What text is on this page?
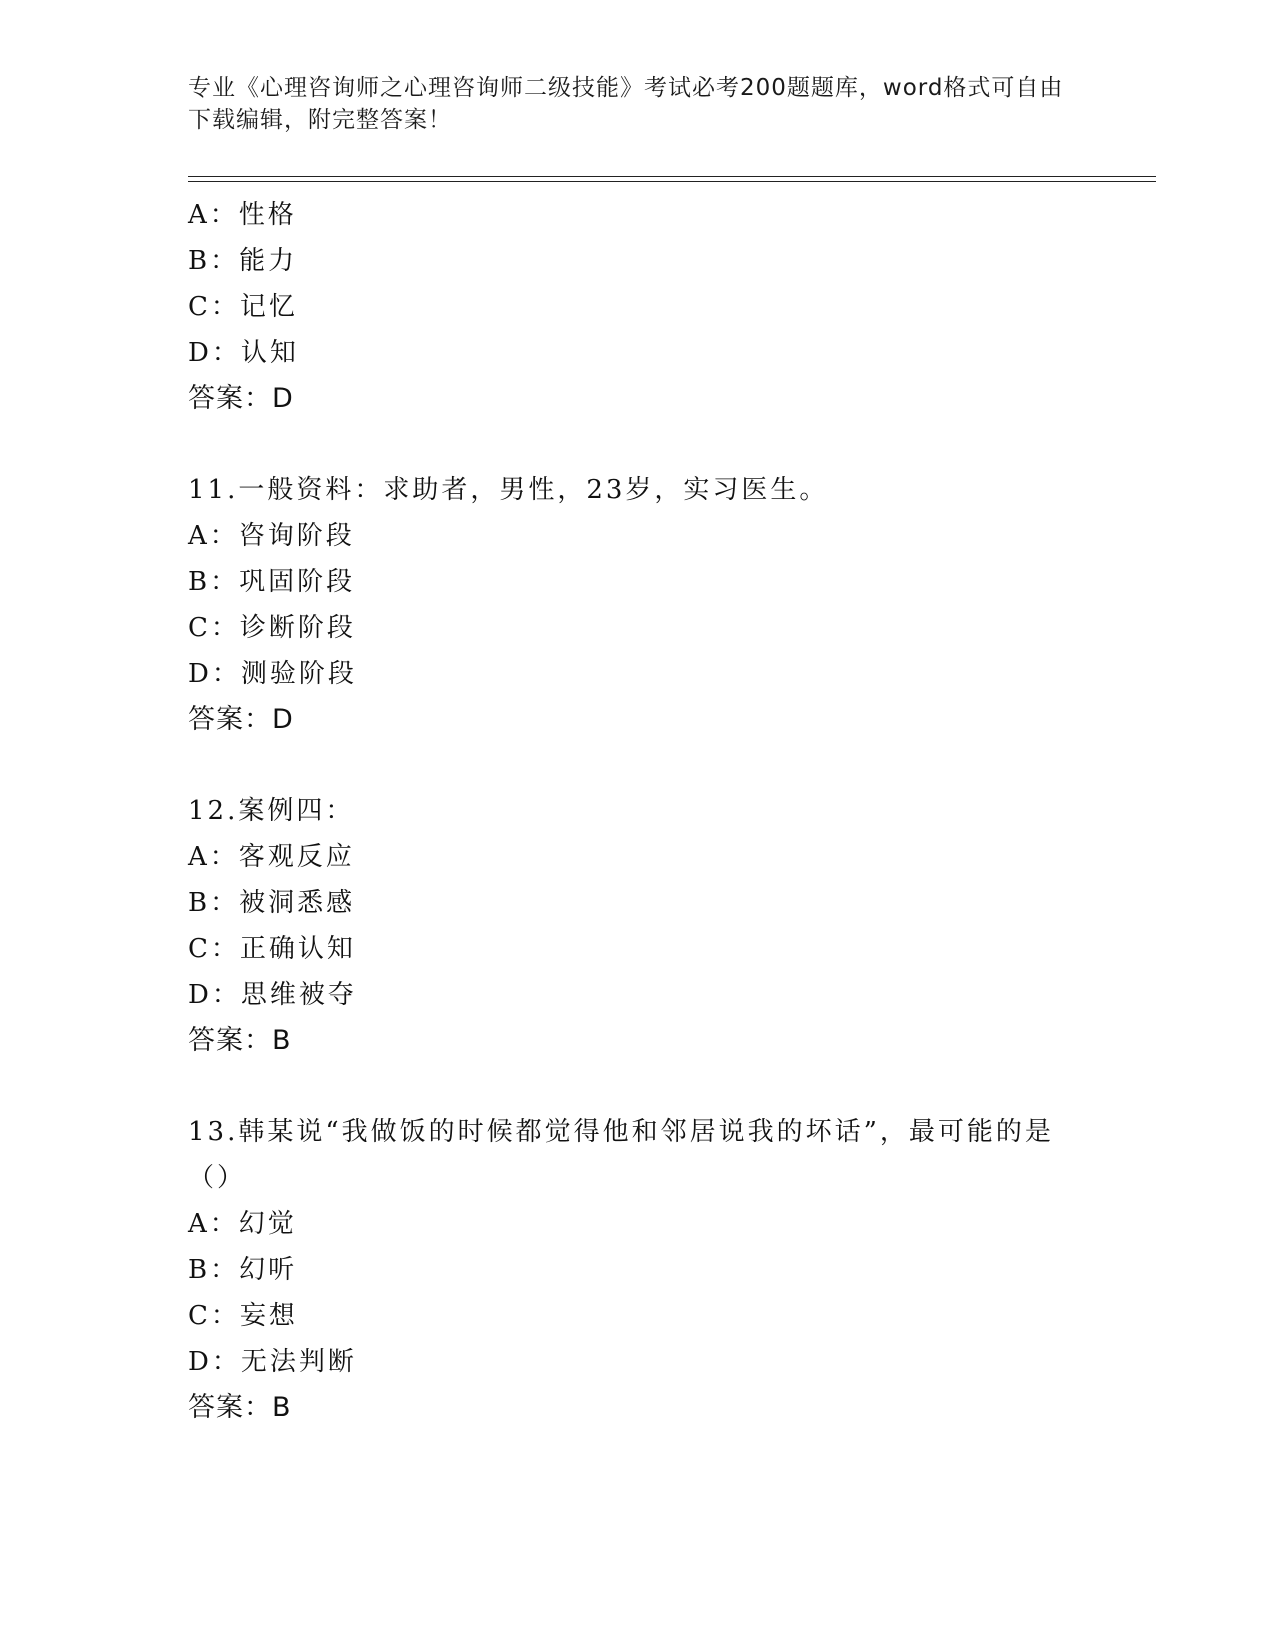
专业《心理咨询师之心理咨询师二级技能》考试必考200题题库，word格式可自由下载编辑，附完整答案！
A：性格
B：能力
C：记忆
D：认知
答案：D
11.一般资料：求助者，男性，23岁，实习医生。
A：咨询阶段
B：巩固阶段
C：诊断阶段
D：测验阶段
答案：D
12.案例四：
A：客观反应
B：被洞悉感
C：正确认知
D：思维被夺
答案：B
13.韩某说“我做饭的时候都觉得他和邻居说我的坏话”，最可能的是（）
A：幻觉
B：幻听
C：妄想
D：无法判断
答案：B
